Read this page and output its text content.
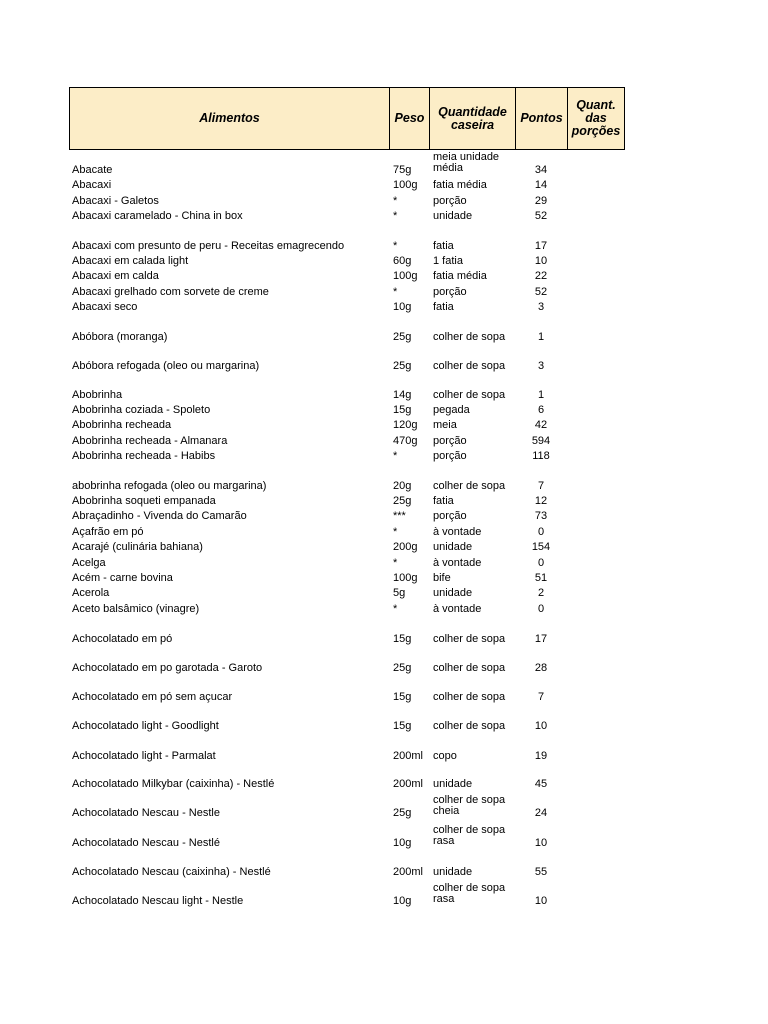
Alimentos	Peso	Quantidade
caseira	Pontos
Quant.
das
porções
Abacate	75g
meia unidade
média	34
Abacaxi	100g fatia média	14
Abacaxi - Galetos	*	porção	29
Abacaxi caramelado - China in box	*	unidade	52
Abacaxi com presunto de peru - Receitas emagrecendo	*	fatia	17
Abacaxi em calada light	60g 1 fatia	10
Abacaxi em calda	100g fatia média	22
Abacaxi grelhado com sorvete de creme	*	porção	52
Abacaxi seco	10g fatia	3
Abóbora (moranga)	25g colher de sopa	1
Abóbora refogada (oleo ou margarina)	25g colher de sopa	3
Abobrinha	14g colher de sopa	1
Abobrinha coziada - Spoleto	15g pegada	6
Abobrinha recheada	120g meia	42
Abobrinha recheada - Almanara	470g porção	594
Abobrinha recheada - Habibs	*	porção	118
abobrinha refogada (oleo ou margarina)	20g colher de sopa	7
Abobrinha soqueti empanada	25g fatia	12
Abraçadinho - Vivenda do Camarão	*** porção	73
Açafrão em pó	*	à vontade	0
Acarajé (culinária bahiana)	200g unidade	154
Acelga	*	à vontade	0
Acém - carne bovina	100g bife	51
Acerola	5g	unidade	2
Aceto balsâmico (vinagre)	*	à vontade	0
Achocolatado em pó	15g colher de sopa	17
Achocolatado em po garotada - Garoto	25g colher de sopa	28
Achocolatado em pó sem açucar	15g colher de sopa	7
Achocolatado light - Goodlight	15g colher de sopa	10
Achocolatado light - Parmalat	200ml copo	19
Achocolatado Milkybar (caixinha) - Nestlé	200ml unidade	45
Achocolatado Nescau - Nestle	25g
colher de sopa
cheia	24
Achocolatado Nescau - Nestlé	10g
colher de sopa
rasa	10
Achocolatado Nescau (caixinha) - Nestlé	200ml unidade	55
Achocolatado Nescau light - Nestle	10g
colher de sopa
rasa	10
